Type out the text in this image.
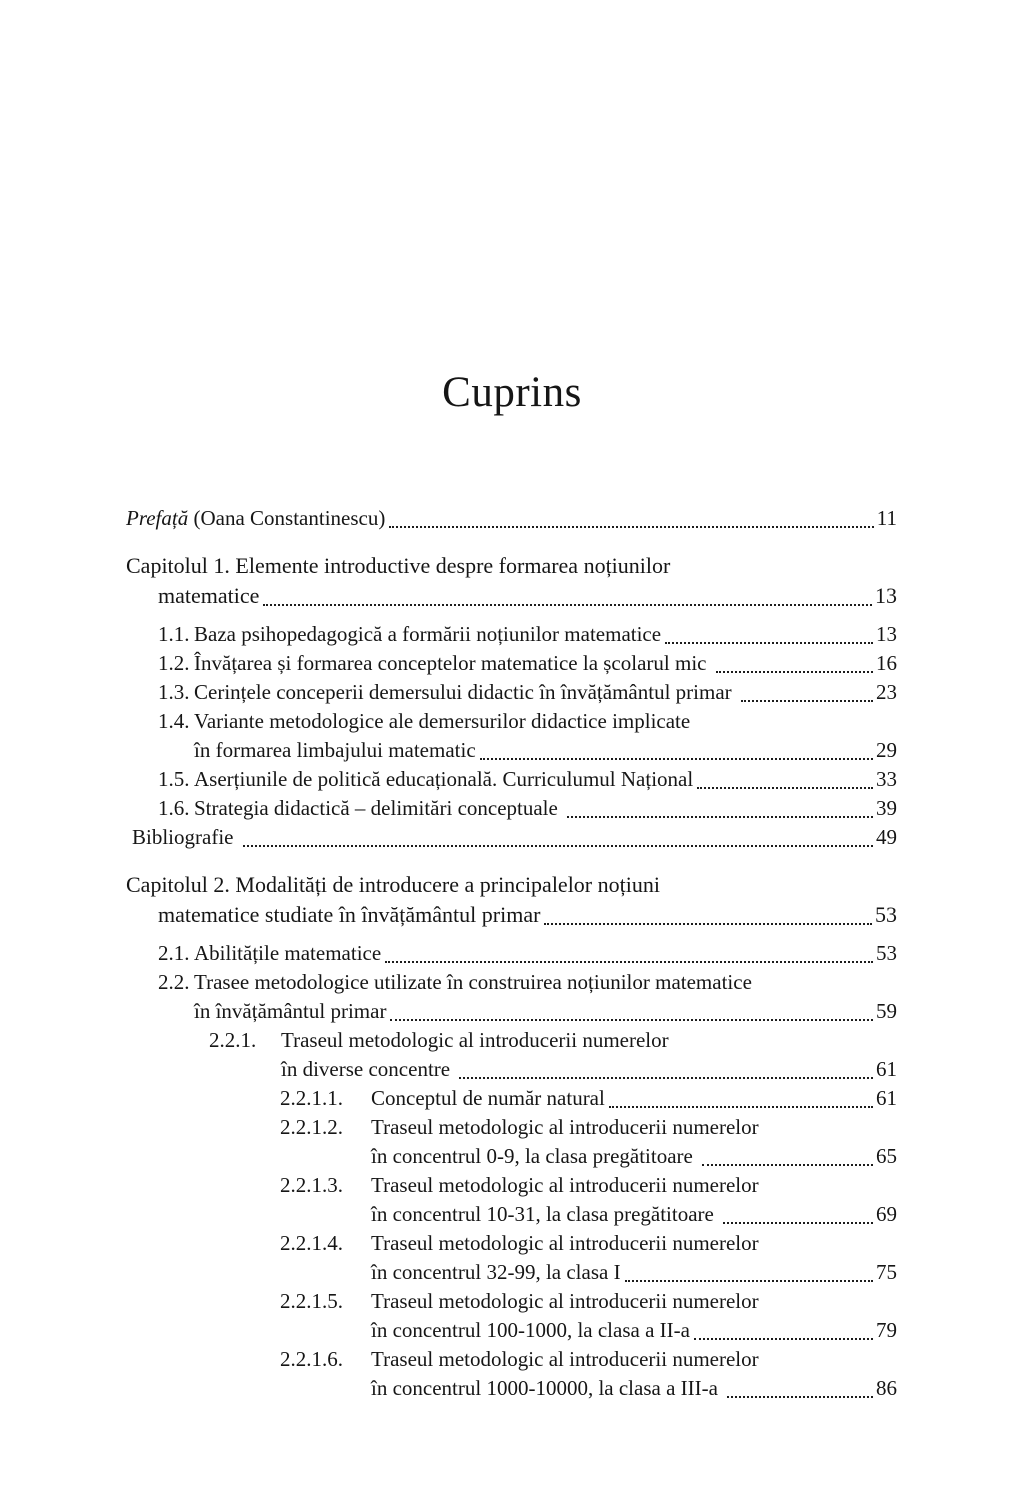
Cuprins
Prefață (Oana Constantinescu)	11
Capitolul 1. Elemente introductive despre formarea noțiunilor
matematice	13
1.1. Baza psihopedagogică a formării noțiunilor matematice	13
1.2. Învățarea și formarea conceptelor matematice la școlarul mic	16
1.3. Cerințele conceperii demersului didactic în învățământul primar	23
1.4. Variante metodologice ale demersurilor didactice implicate
în formarea limbajului matematic	29
1.5. Aserțiunile de politică educațională. Curriculumul Național	33
1.6. Strategia didactică – delimitări conceptuale	39
Bibliografie	49
Capitolul 2. Modalități de introducere a principalelor noțiuni
matematice studiate în învățământul primar	53
2.1. Abilitățile matematice	53
2.2. Trasee metodologice utilizate în construirea noțiunilor matematice
în învățământul primar	59
2.2.1.	Traseul metodologic al introducerii numerelor
în diverse concentre	61
2.2.1.1.	Conceptul de număr natural	61
2.2.1.2.	Traseul metodologic al introducerii numerelor
în concentrul 0-9, la clasa pregătitoare	65
2.2.1.3.	Traseul metodologic al introducerii numerelor
în concentrul 10-31, la clasa pregătitoare	69
2.2.1.4.	Traseul metodologic al introducerii numerelor
în concentrul 32-99, la clasa I	75
2.2.1.5.	Traseul metodologic al introducerii numerelor
în concentrul 100-1000, la clasa a II-a	79
2.2.1.6.	Traseul metodologic al introducerii numerelor
în concentrul 1000-10000, la clasa a III-a	86
